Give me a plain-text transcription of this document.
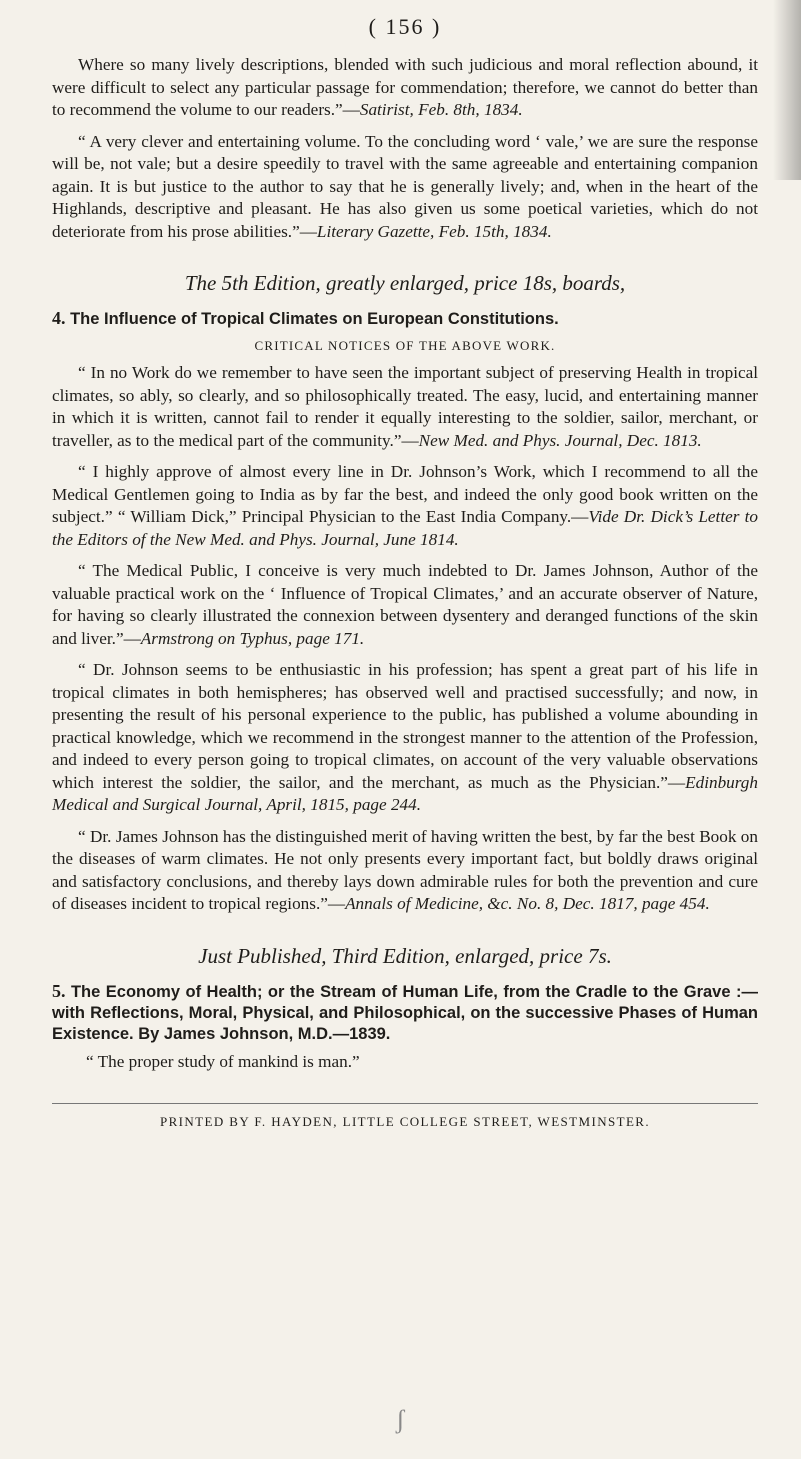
( 156 )

Where so many lively descriptions, blended with such judicious and moral reflection abound, it were difficult to select any particular passage for commendation; therefore, we cannot do better than to recommend the volume to our readers.”—Satirist, Feb. 8th, 1834.

“ A very clever and entertaining volume. To the concluding word ‘ vale,’ we are sure the response will be, not vale; but a desire speedily to travel with the same agreeable and entertaining companion again. It is but justice to the author to say that he is generally lively; and, when in the heart of the Highlands, descriptive and pleasant. He has also given us some poetical varieties, which do not deteriorate from his prose abilities.”—Literary Gazette, Feb. 15th, 1834.

The 5th Edition, greatly enlarged, price 18s, boards,

4. The Influence of Tropical Climates on European Constitutions.

CRITICAL NOTICES OF THE ABOVE WORK.

“ In no Work do we remember to have seen the important subject of preserving Health in tropical climates, so ably, so clearly, and so philosophically treated. The easy, lucid, and entertaining manner in which it is written, cannot fail to render it equally interesting to the soldier, sailor, merchant, or traveller, as to the medical part of the community.”—New Med. and Phys. Journal, Dec. 1813.

“ I highly approve of almost every line in Dr. Johnson’s Work, which I recommend to all the Medical Gentlemen going to India as by far the best, and indeed the only good book written on the subject.” “ William Dick,” Principal Physician to the East India Company.—Vide Dr. Dick’s Letter to the Editors of the New Med. and Phys. Journal, June 1814.

“ The Medical Public, I conceive is very much indebted to Dr. James Johnson, Author of the valuable practical work on the ‘ Influence of Tropical Climates,’ and an accurate observer of Nature, for having so clearly illustrated the connexion between dysentery and deranged functions of the skin and liver.”—Armstrong on Typhus, page 171.

“ Dr. Johnson seems to be enthusiastic in his profession; has spent a great part of his life in tropical climates in both hemispheres; has observed well and practised successfully; and now, in presenting the result of his personal experience to the public, has published a volume abounding in practical knowledge, which we recommend in the strongest manner to the attention of the Profession, and indeed to every person going to tropical climates, on account of the very valuable observations which interest the soldier, the sailor, and the merchant, as much as the Physician.”—Edinburgh Medical and Surgical Journal, April, 1815, page 244.

“ Dr. James Johnson has the distinguished merit of having written the best, by far the best Book on the diseases of warm climates. He not only presents every important fact, but boldly draws original and satisfactory conclusions, and thereby lays down admirable rules for both the prevention and cure of diseases incident to tropical regions.”—Annals of Medicine, &c. No. 8, Dec. 1817, page 454.

Just Published, Third Edition, enlarged, price 7s.

5. The Economy of Health; or the Stream of Human Life, from the Cradle to the Grave :—with Reflections, Moral, Physical, and Philosophical, on the successive Phases of Human Existence. By James Johnson, M.D.—1839.

“ The proper study of mankind is man.”

PRINTED BY F. HAYDEN, LITTLE COLLEGE STREET, WESTMINSTER.
ʃ
